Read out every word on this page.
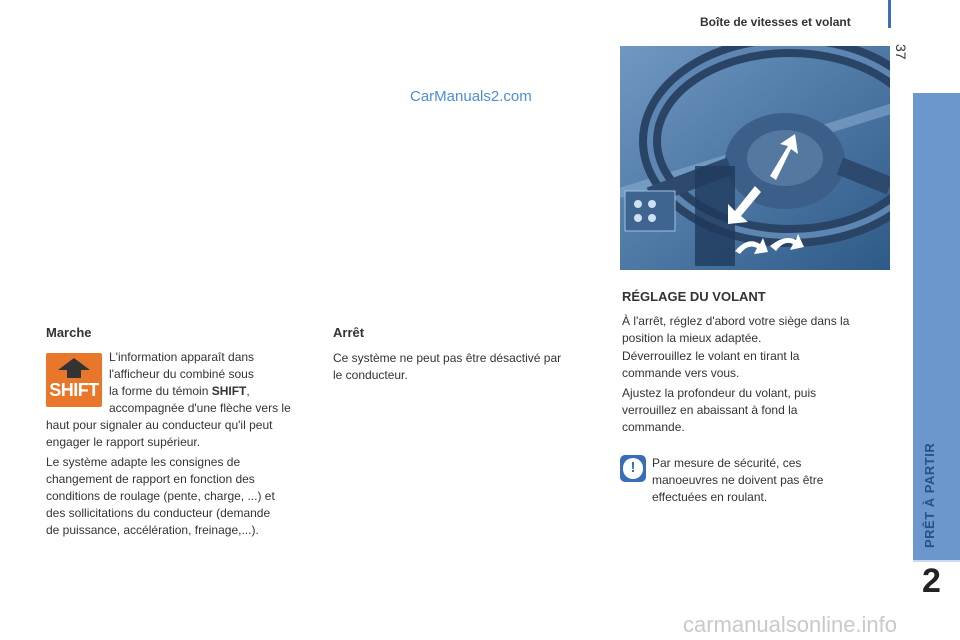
Boîte de vitesses et volant
37
PRÊT À PARTIR
2
CarManuals2.com
carmanualsonline.info
Marche
SHIFT
L'information apparaît dans
l'afficheur du combiné sous
la forme du témoin SHIFT,
accompagnée d'une flèche vers le
haut pour signaler au conducteur qu'il peut
engager le rapport supérieur.
Le système adapte les consignes de
changement de rapport en fonction des
conditions de roulage (pente, charge, ...) et
des sollicitations du conducteur (demande
de puissance, accélération, freinage,...).
Arrêt
Ce système ne peut pas être désactivé par
le conducteur.
RÉGLAGE DU VOLANT
À l'arrêt, réglez d'abord votre siège dans la
position la mieux adaptée.
Déverrouillez le volant en tirant la
commande vers vous.
Ajustez la profondeur du volant, puis
verrouillez en abaissant à fond la
commande.
!	Par mesure de sécurité, ces
manoeuvres ne doivent pas être
effectuées en roulant.
